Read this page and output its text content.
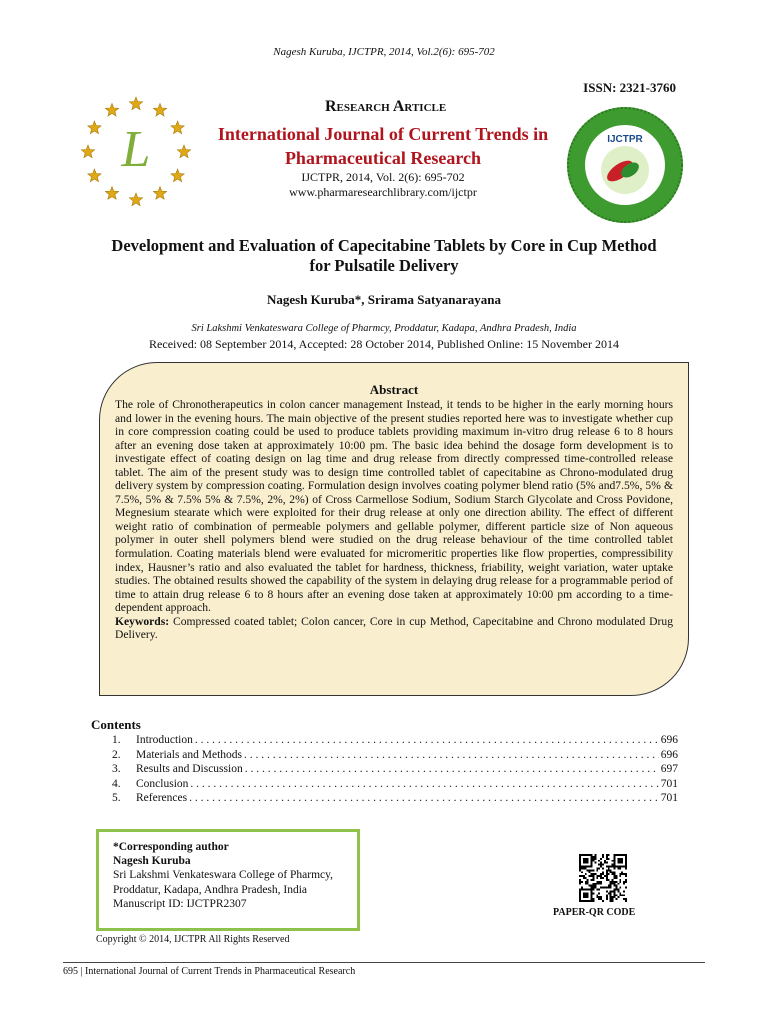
Nagesh Kuruba, IJCTPR, 2014, Vol.2(6): 695-702
ISSN: 2321-3760
L
Research Article
International Journal of Current Trends in
Pharmaceutical Research
IJCTPR, 2014, Vol. 2(6): 695-702
www.pharmaresearchlibrary.com/ijctpr
IJCTPR
Development and Evaluation of Capecitabine Tablets by Core in Cup Method
for Pulsatile Delivery
Nagesh Kuruba*, Srirama Satyanarayana
Sri Lakshmi Venkateswara College of Pharmcy, Proddatur, Kadapa, Andhra Pradesh, India
Received: 08 September 2014, Accepted: 28 October 2014, Published Online: 15 November 2014
Abstract
The role of Chronotherapeutics in colon cancer management Instead, it tends to be higher in the early morning hours and lower in the evening hours. The main objective of the present studies reported here was to investigate whether cup in core compression coating could be used to produce tablets providing maximum in-vitro drug release 6 to 8 hours after an evening dose taken at approximately 10:00 pm. The basic idea behind the dosage form development is to investigate effect of coating design on lag time and drug release from directly compressed time-controlled release tablet. The aim of the present study was to design time controlled tablet of capecitabine as Chrono-modulated drug delivery system by compression coating. Formulation design involves coating polymer blend ratio (5% and7.5%, 5% & 7.5%, 5% & 7.5% 5% & 7.5%, 2%, 2%) of Cross Carmellose Sodium, Sodium Starch Glycolate and Cross Povidone, Megnesium stearate which were exploited for their drug release at only one direction ability. The effect of different weight ratio of combination of permeable polymers and gellable polymer, different particle size of Non aqueous polymer in outer shell polymers blend were studied on the drug release behaviour of the time controlled tablet formulation. Coating materials blend were evaluated for micromeritic properties like flow properties, compressibility index, Hausner’s ratio and also evaluated the tablet for hardness, thickness, friability, weight variation, water uptake studies. The obtained results showed the capability of the system in delaying drug release for a programmable period of time to attain drug release 6 to 8 hours after an evening dose taken at approximately 10:00 pm according to a time-dependent approach.
Keywords: Compressed coated tablet; Colon cancer, Core in cup Method, Capecitabine and Chrono modulated Drug Delivery.
Contents
1.	Introduction . . .	696
2.	Materials and Methods . . .	696
3.	Results and Discussion . . .	697
4.	Conclusion . . .	701
5.	References . . .	701
*Corresponding author
Nagesh Kuruba
Sri Lakshmi Venkateswara College of Pharmcy,
Proddatur, Kadapa, Andhra Pradesh, India
Manuscript ID: IJCTPR2307
PAPER-QR CODE
Copyright © 2014, IJCTPR All Rights Reserved
695 | International Journal of Current Trends in Pharmaceutical Research
